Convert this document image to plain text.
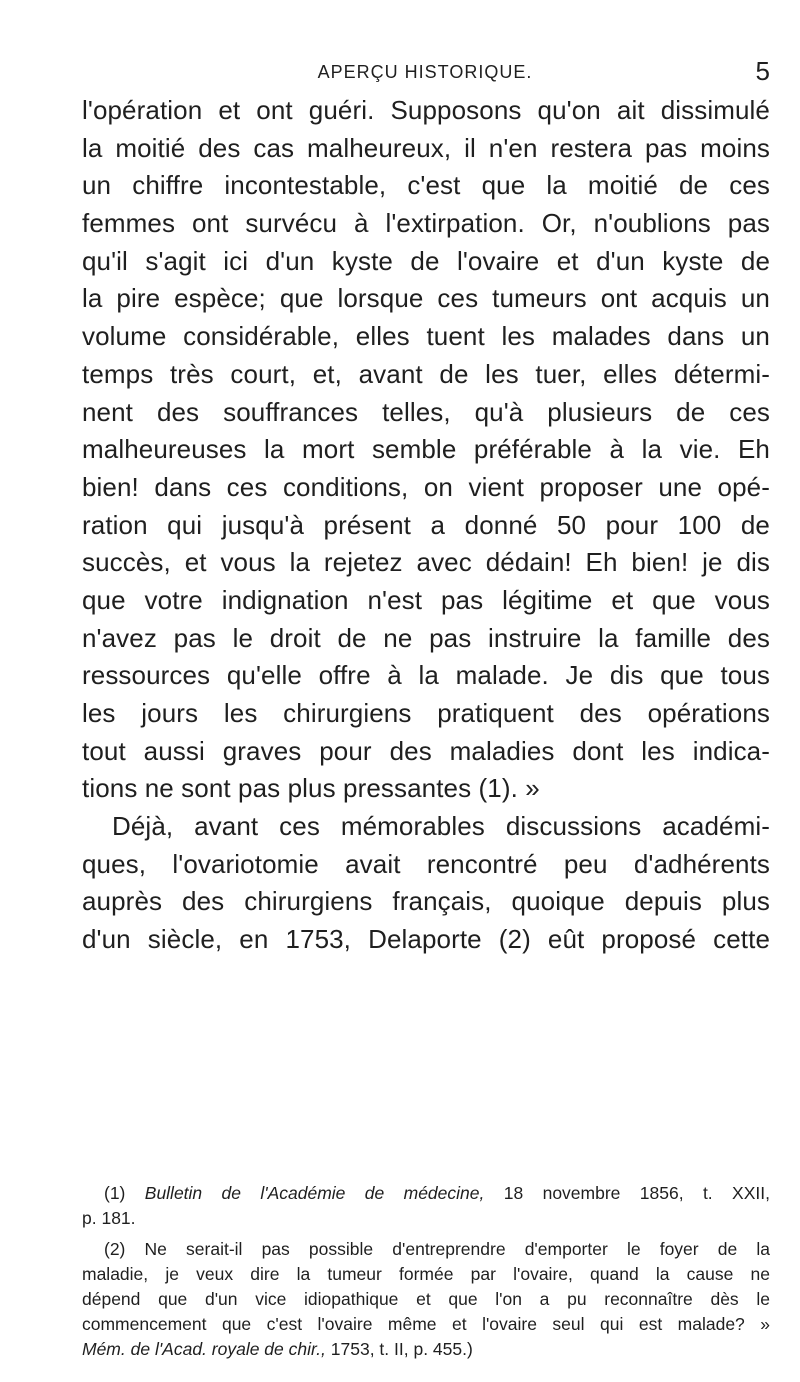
APERÇU HISTORIQUE.	5
l'opération et ont guéri. Supposons qu'on ait dissimulé
la moitié des cas malheureux, il n'en restera pas moins
un chiffre incontestable, c'est que la moitié de ces
femmes ont survécu à l'extirpation. Or, n'oublions pas
qu'il s'agit ici d'un kyste de l'ovaire et d'un kyste de
la pire espèce; que lorsque ces tumeurs ont acquis un
volume considérable, elles tuent les malades dans un
temps très court, et, avant de les tuer, elles détermi-
nent des souffrances telles, qu'à plusieurs de ces
malheureuses la mort semble préférable à la vie. Eh
bien! dans ces conditions, on vient proposer une opé-
ration qui jusqu'à présent a donné 50 pour 100 de
succès, et vous la rejetez avec dédain! Eh bien! je dis
que votre indignation n'est pas légitime et que vous
n'avez pas le droit de ne pas instruire la famille des
ressources qu'elle offre à la malade. Je dis que tous
les jours les chirurgiens pratiquent des opérations
tout aussi graves pour des maladies dont les indica-
tions ne sont pas plus pressantes (1). »
Déjà, avant ces mémorables discussions académi-
ques, l'ovariotomie avait rencontré peu d'adhérents
auprès des chirurgiens français, quoique depuis plus
d'un siècle, en 1753, Delaporte (2) eût proposé cette
(1) Bulletin de l'Académie de médecine, 18 novembre 1856, t. XXII,
p. 181.
(2) Ne serait-il pas possible d'entreprendre d'emporter le foyer de la
maladie, je veux dire la tumeur formée par l'ovaire, quand la cause ne
dépend que d'un vice idiopathique et que l'on a pu reconnaître dès le
commencement que c'est l'ovaire même et l'ovaire seul qui est malade? »
Mém. de l'Acad. royale de chir., 1753, t. II, p. 455.)
